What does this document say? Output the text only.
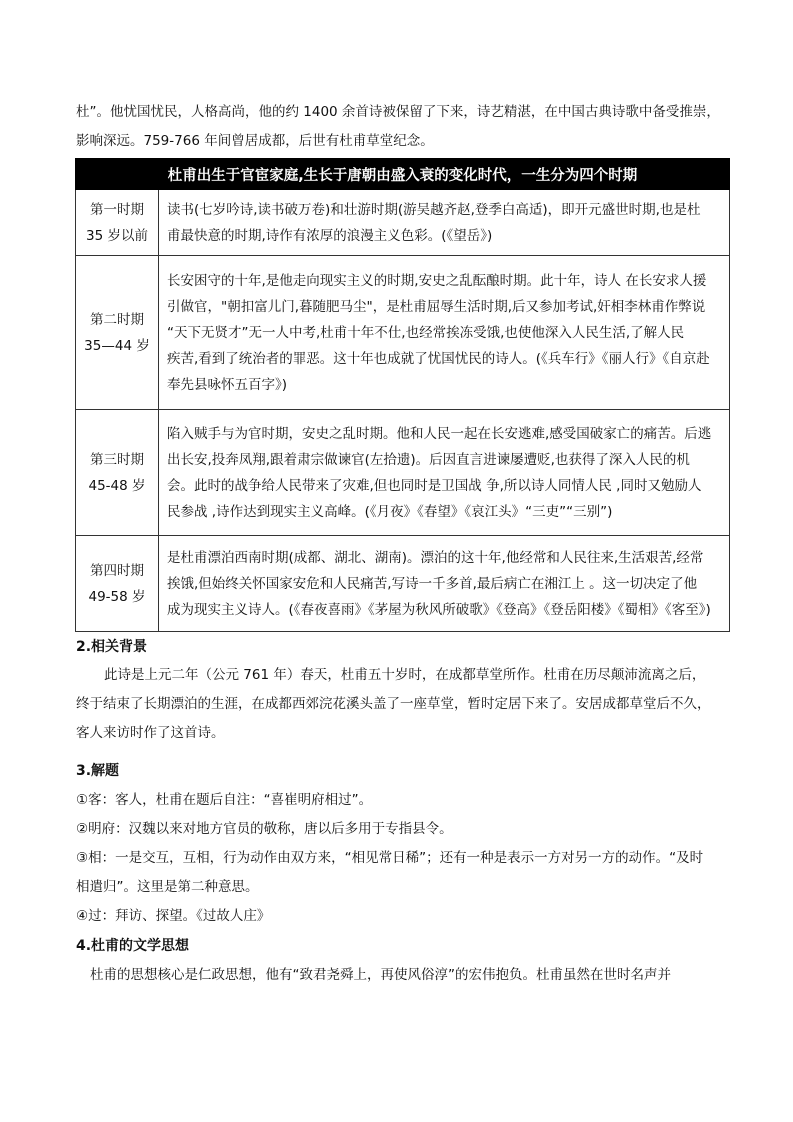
杜”。他忧国忧民，人格高尚，他的约 1400 余首诗被保留了下来，诗艺精湛，在中国古典诗歌中备受推崇，
影响深远。759-766 年间曾居成都，后世有杜甫草堂纪念。
杜甫出生于官宦家庭,生长于唐朝由盛入衰的变化时代，一生分为四个时期	

第一时期
35 岁以前	读书(七岁吟诗,读书破万卷)和壮游时期(游吴越齐赵,登季白高适)，即开元盛世时期,也是杜
甫最快意的时期,诗作有浓厚的浪漫主义色彩。(《望岳》)

第二时期
35—44 岁	长安困守的十年,是他走向现实主义的时期,安史之乱酝酿时期。此十年，诗人 在长安求人援
引做官，"朝扣富儿门,暮随肥马尘"，是杜甫屈辱生活时期,后又参加考试,奸相李林甫作弊说
“天下无贤才”无一人中考,杜甫十年不仕,也经常挨冻受饿,也使他深入人民生活,了解人民
疾苦,看到了统治者的罪恶。这十年也成就了忧国忧民的诗人。(《兵车行》《丽人行》《自京赴
奉先县咏怀五百字》)

第三时期
45-48 岁	陷入贼手与为官时期，安史之乱时期。他和人民一起在长安逃难,感受国破家亡的痛苦。后逃
出长安,投奔凤翔,跟着肃宗做谏官(左拾遗)。后因直言进谏屡遭贬,也获得了深入人民的机
会。此时的战争给人民带来了灾难,但也同时是卫国战 争,所以诗人同情人民 ,同时又勉励人
民参战 ,诗作达到现实主义高峰。(《月夜》《春望》《哀江头》“三吏”“三别”)

第四时期
49-58 岁	是杜甫漂泊西南时期(成都、湖北、湖南)。漂泊的这十年,他经常和人民往来,生活艰苦,经常
挨饿,但始终关怀国家安危和人民痛苦,写诗一千多首,最后病亡在湘江上 。这一切决定了他
成为现实主义诗人。(《春夜喜雨》《茅屋为秋风所破歌》《登高》《登岳阳楼》《蜀相》《客至》)
2.相关背景
此诗是上元二年（公元 761 年）春天，杜甫五十岁时，在成都草堂所作。杜甫在历尽颠沛流离之后，
终于结束了长期漂泊的生涯，在成都西郊浣花溪头盖了一座草堂，暂时定居下来了。安居成都草堂后不久，
客人来访时作了这首诗。
3.解题
①客：客人，杜甫在题后自注：“喜崔明府相过”。
②明府：汉魏以来对地方官员的敬称，唐以后多用于专指县令。
③相：一是交互，互相，行为动作由双方来，“相见常日稀”；还有一种是表示一方对另一方的动作。“及时
相遣归”。这里是第二种意思。
④过：拜访、探望。《过故人庄》
4.杜甫的文学思想
杜甫的思想核心是仁政思想，他有“致君尧舜上，再使风俗淳”的宏伟抱负。杜甫虽然在世时名声并
